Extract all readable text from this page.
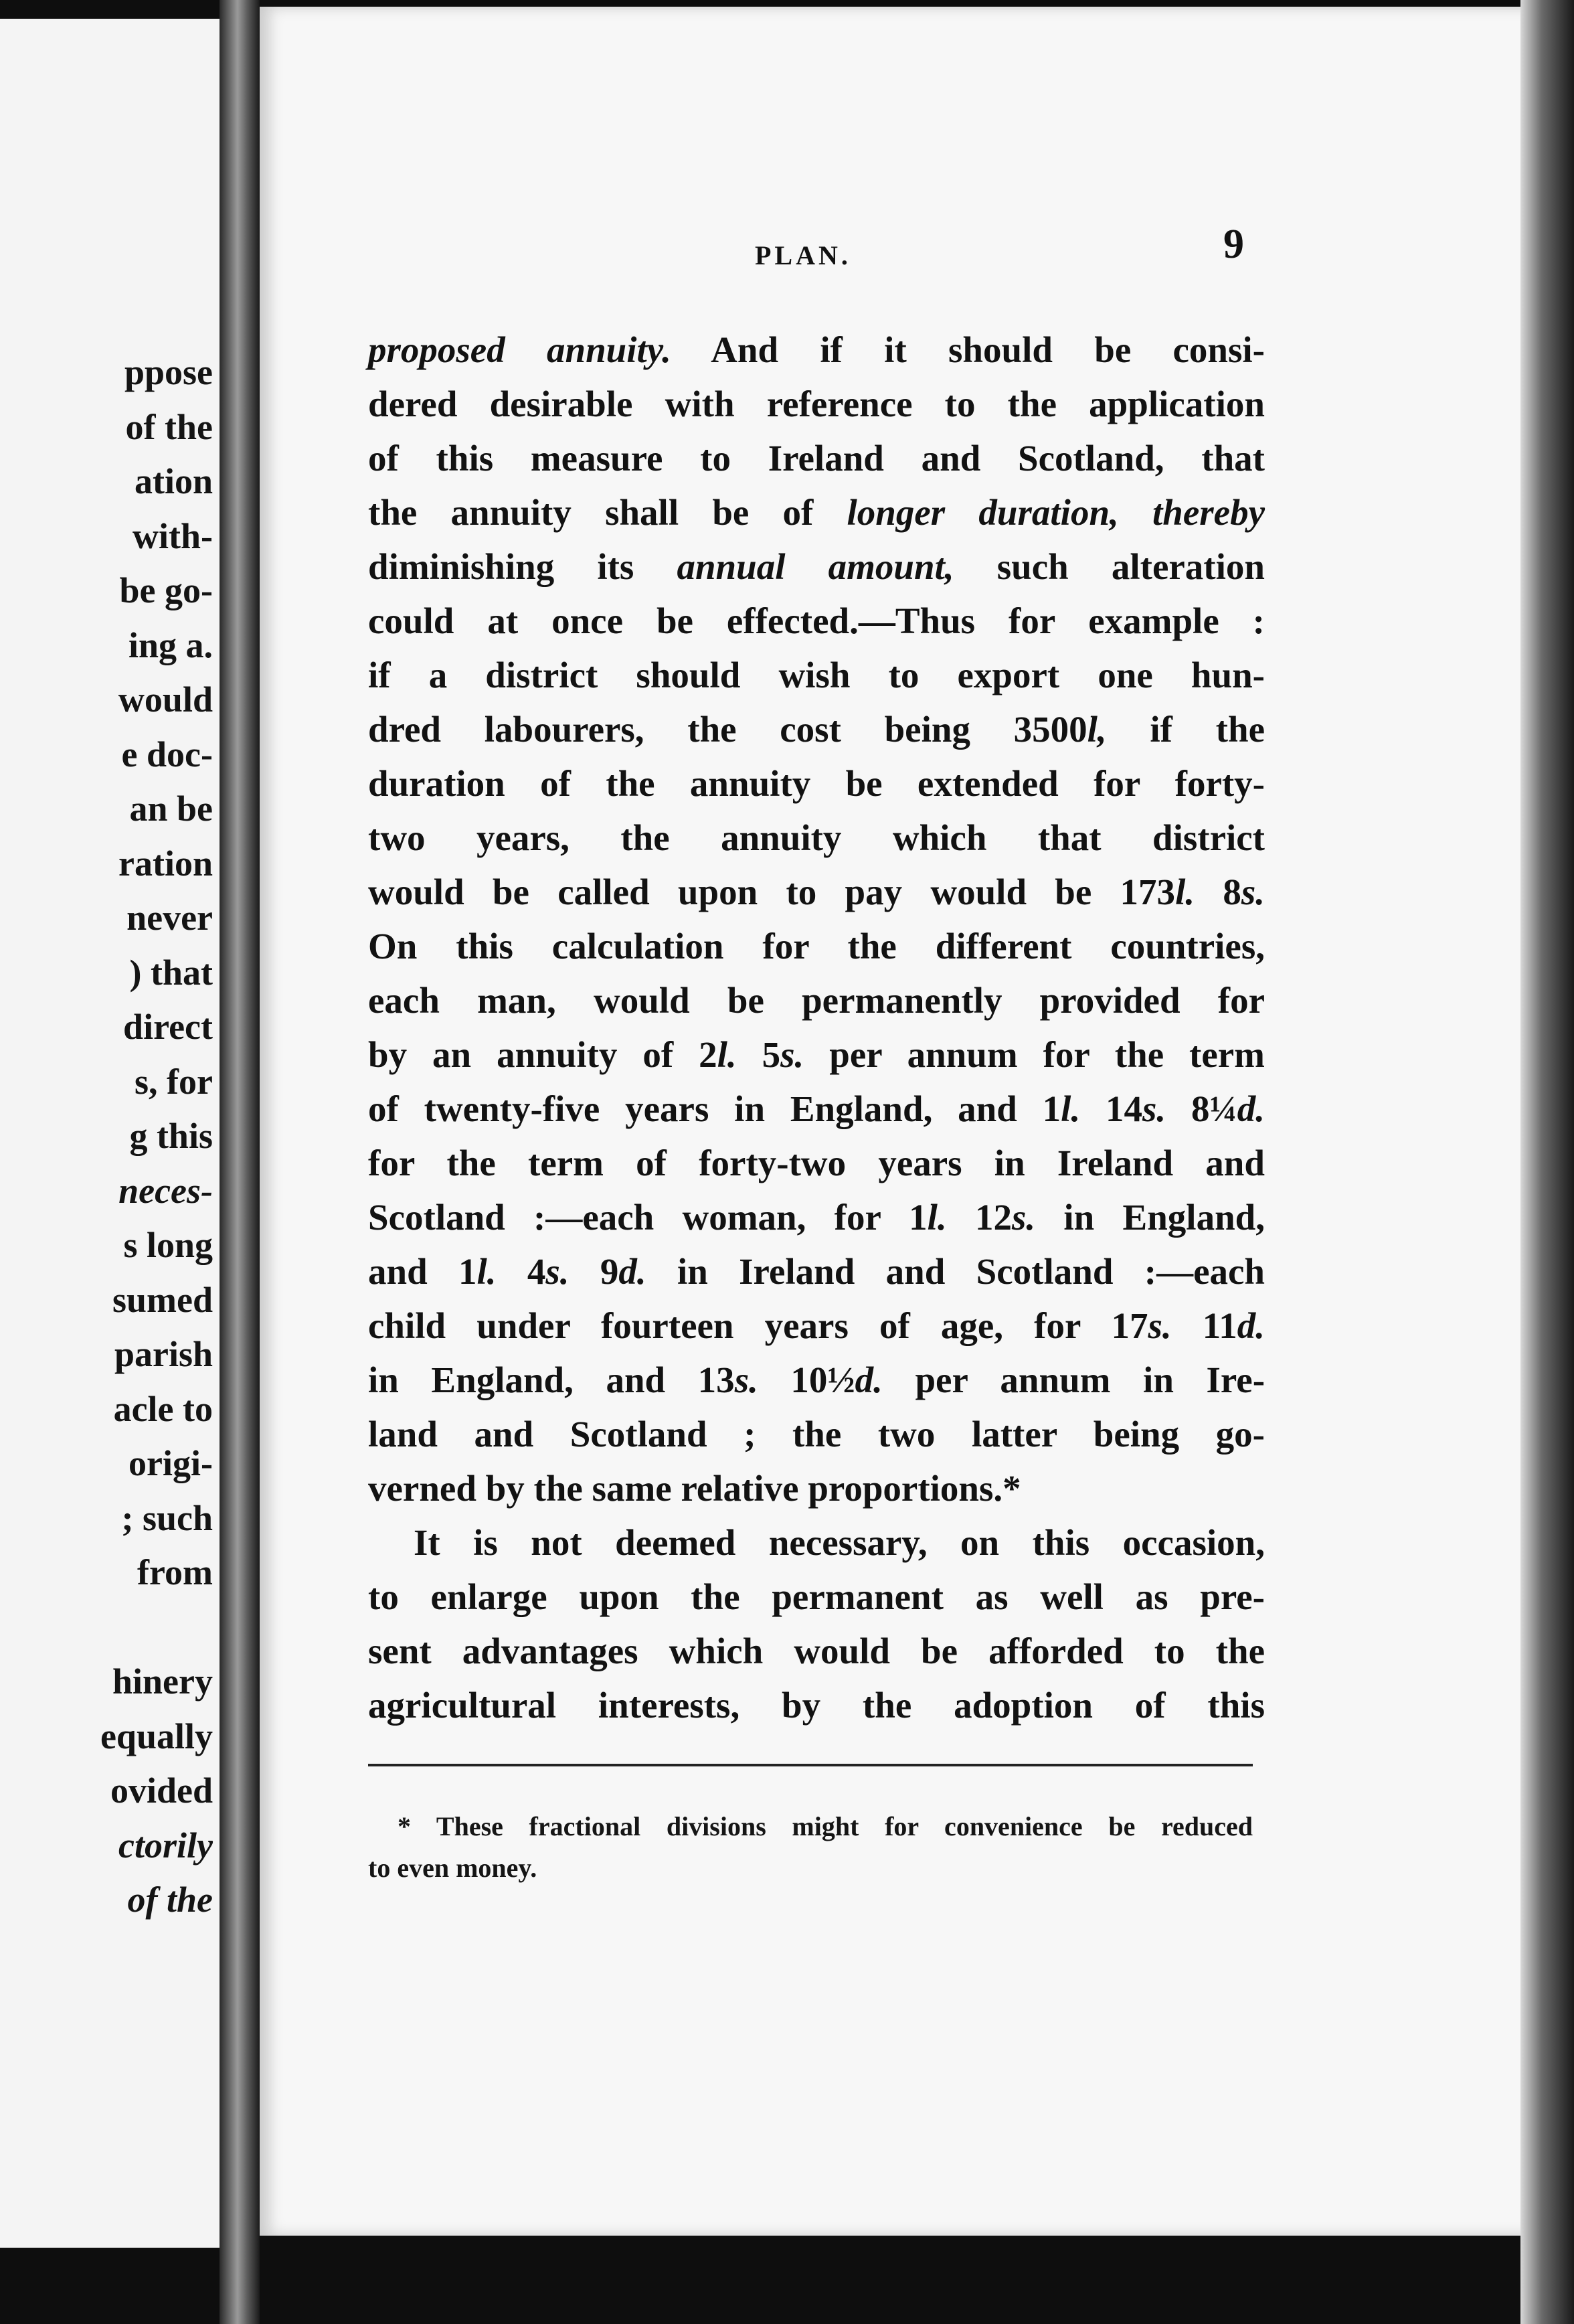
ppose
of the
ation
with-
be go-
ing a.
would
e doc-
an be
ration
never
) that
direct
s, for
g this
neces-
s long
sumed
parish
acle to
origi-
; such
from
hinery
equally
ovided
ctorily
of the
PLAN.	9
proposed annuity. And if it should be consi-
dered desirable with reference to the application
of this measure to Ireland and Scotland, that
the annuity shall be of longer duration, thereby
diminishing its annual amount, such alteration
could at once be effected.—Thus for example :
if a district should wish to export one hun-
dred labourers, the cost being 3500l, if the
duration of the annuity be extended for forty-
two years, the annuity which that district
would be called upon to pay would be 173l. 8s.
On this calculation for the different countries,
each man, would be permanently provided for
by an annuity of 2l. 5s. per annum for the term
of twenty-five years in England, and 1l. 14s. 8¼d.
for the term of forty-two years in Ireland and
Scotland :—each woman, for 1l. 12s. in England,
and 1l. 4s. 9d. in Ireland and Scotland :—each
child under fourteen years of age, for 17s. 11d.
in England, and 13s. 10½d. per annum in Ire-
land and Scotland ; the two latter being go-
verned by the same relative proportions.*
It is not deemed necessary, on this occasion,
to enlarge upon the permanent as well as pre-
sent advantages which would be afforded to the
agricultural interests, by the adoption of this
* These fractional divisions might for convenience be reduced
to even money.
